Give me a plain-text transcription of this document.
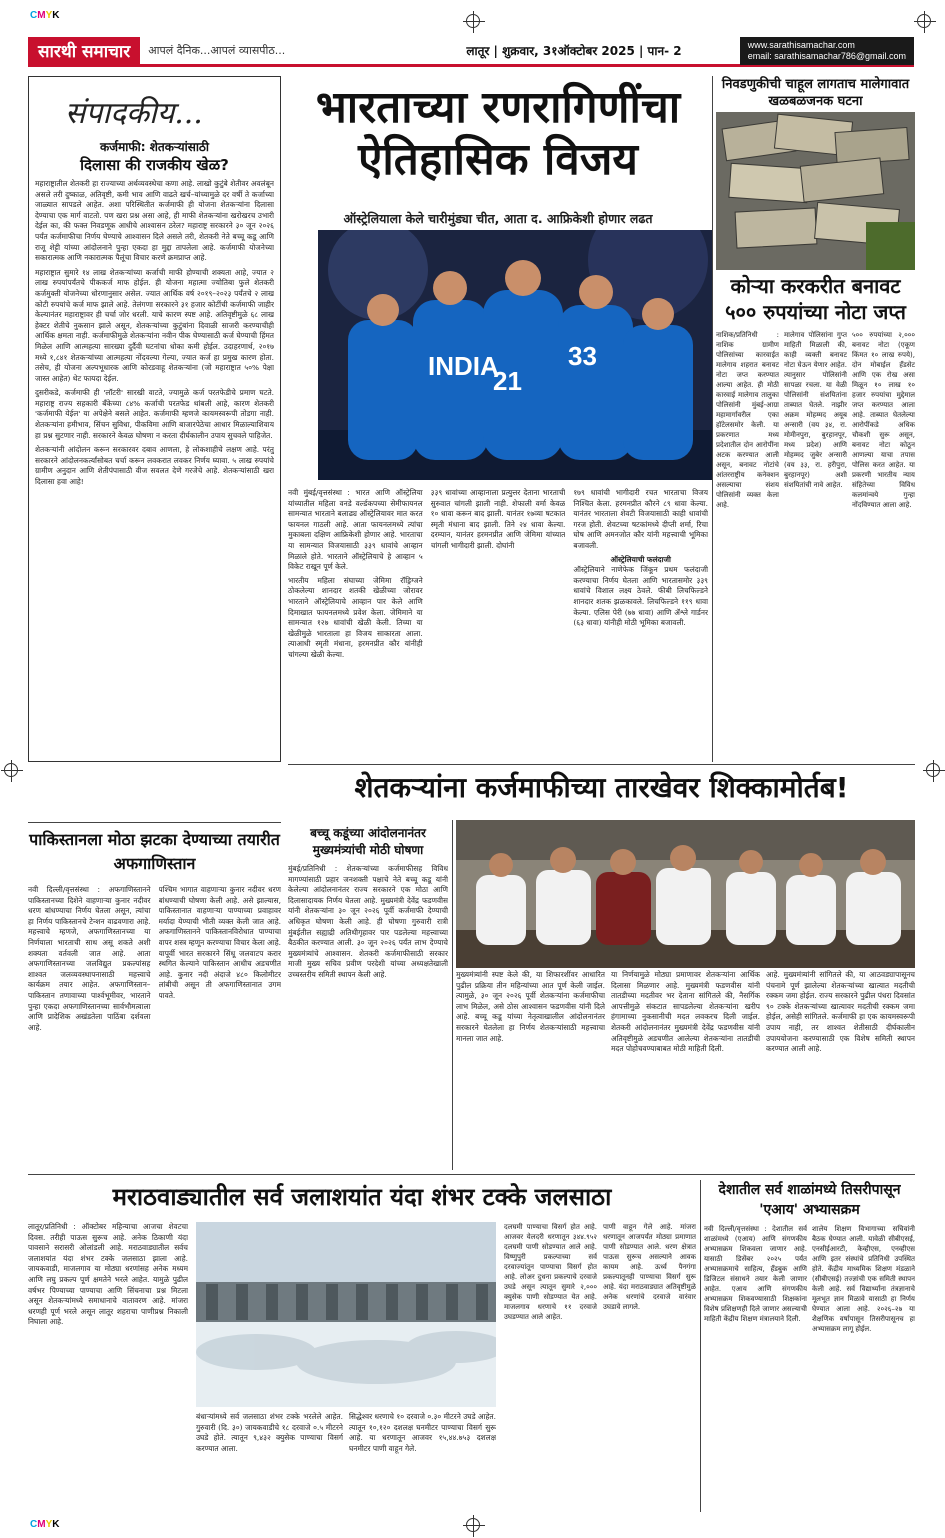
CMYK
CMYK
सारथी समाचार	आपलं दैनिक...आपलं व्यासपीठ...	लातूर | शुक्रवार, 3१ऑक्टोबर 2025 | पान- 2	www.sarathisamachar.com
email: sarathisamachar786@gmail.com
संपादकीय...
कर्जमाफी: शेतकऱ्यांसाठी
दिलासा की राजकीय खेळ?

महाराष्ट्रातील शेतकरी हा राज्याच्या अर्थव्यवस्थेचा कणा आहे. लाखो कुटुंबे शेतीवर अवलंबून असले तरी दुष्काळ, अतिवृष्टी, कमी भाव आणि वाढते खर्च–यांच्यामुळे दर वर्षी ते कर्जाच्या जाळ्यात सापडले आहेत. अशा परिस्थितीत कर्जमाफी ही योजना शेतकऱ्यांना दिलासा देण्याचा एक मार्ग वाटतो. पण खरा प्रश्न असा आहे, ही माफी शेतकऱ्यांना खरोखरच उभारी देईल का, की फक्त निवडणूक आधीचे आश्वासन ठरेल? महाराष्ट्र सरकारने ३० जून २०२६ पर्यंत कर्जमाफीचा निर्णय घेण्याचे आश्वासन दिले असले तरी, शेतकरी नेते बच्चू कडू आणि राजू शेट्टी यांच्या आंदोलनाने पुन्हा एकदा हा मुद्दा तापलेला आहे. कर्जमाफी योजनेच्या सकारात्मक आणि नकारात्मक पैलूंचा विचार करणे क्रमप्राप्त आहे.

महाराष्ट्रात सुमारे १४ लाख शेतकऱ्यांच्या कर्जाची माफी होण्याची शक्यता आहे, ज्यात २ लाख रुपयांपर्यंतचे पीककर्ज माफ होईल. ही योजना महात्मा ज्योतिबा फुले शेतकरी कर्जमुक्ती योजनेच्या धोरणानुसार असेल. ज्यात आर्थिक वर्ष २०१९–२०२३ पर्यंतचे २ लाख कोटी रुपयांचे कर्ज माफ झाले आहे. तेलंगणा सरकारने ३१ हजार कोटींची कर्जमाफी जाहीर केल्यानंतर महाराष्ट्रावर ही चर्चा जोर धरली. याचे कारण स्पष्ट आहे. अतिवृष्टीमुळे ६८ लाख हेक्टर शेतीचे नुकसान झाले असून, शेतकऱ्यांच्या कुटुंबांना दिवाळी साजरी करण्याचीही आर्थिक क्षमता नाही. कर्जमाफीमुळे शेतकऱ्यांना नवीन पीक घेण्यासाठी कर्ज घेण्याची हिंमत मिळेल आणि आत्महत्या सारख्या दुर्दैवी घटनांचा धोका कमी होईल. उदाहरणार्थ, २०१७ मध्ये १,८४१ शेतकऱ्यांच्या आत्महत्या नोंदवल्या गेल्या, ज्यात कर्ज हा प्रमुख कारण होता. तसेच, ही योजना अल्पभूधारक आणि कोरडवाहू शेतकऱ्यांना (जो महाराष्ट्रात ५०% पेक्षा जास्त आहेत) थेट फायदा देईल.

दुसरीकडे, कर्जमाफी ही 'लॉटरी' सारखी वाटते, ज्यामुळे कर्ज परतफेडीचे प्रमाण घटते. महाराष्ट्र राज्य सहकारी बँकेच्या ८४% कर्जाची परतफेड थांबली आहे, कारण शेतकरी 'कर्जमाफी येईल' या अपेक्षेने बसले आहेत. कर्जमाफी म्हणजे कायमस्वरूपी तोडगा नाही. शेतकऱ्यांना हमीभाव, सिंचन सुविधा, पीकविमा आणि बाजारपेठेचा आधार मिळाल्याशिवाय हा प्रश्न सुटणार नाही. सरकारने केवळ घोषणा न करता दीर्घकालीन उपाय सुचवले पाहिजेत.

शेतकऱ्यांनी आंदोलन करून सरकारवर दबाव आणला, हे लोकशाहीचे लक्षण आहे. परंतु सरकारने आंदोलनकर्त्यांसोबत चर्चा करून लवकरात लवकर निर्णय घ्यावा. ५ लाख रुपयांचे ग्रामीण अनुदान आणि शेतीपंपासाठी वीज सवलत देणे गरजेचे आहे. शेतकऱ्यांसाठी खरा दिलासा हवा आहे!

भारताच्या रणरागिणींचा ऐतिहासिक विजय
ऑस्ट्रेलियाला केले चारीमुंड्या चीत, आता द. आफ्रिकेशी होणार लढत
21
33
INDIA

नवी मुंबई/वृत्तसंस्था : भारत आणि ऑस्ट्रेलिया यांच्यातील महिला वनडे वर्ल्डकपच्या सेमीफायनल सामन्यात भारताने बलाढ्य ऑस्ट्रेलियावर मात करत फायनल गाठली आहे. आता फायनलमध्ये त्यांचा मुकाबला दक्षिण आफ्रिकेशी होणार आहे. भारताचा या सामन्यात विजयासाठी ३३९ धावांचे आव्हान मिळाले होते. भारताने ऑस्ट्रेलियाचे हे आव्हान ५ विकेट राखून पूर्ण केले.

भारतीय महिला संघाच्या जेमिमा रॉड्रिग्जने ठोकलेल्या शानदार शतकी खेळीच्या जोरावर भारताने ऑस्ट्रेलियाचे आव्हान पार केले आणि दिमाखात फायनलमध्ये प्रवेश केला. जेमिमाने या सामन्यात १२७ धावांची खेळी केली. तिच्या या खेळीमुळे भारताला हा विजय साकारता आला. त्याआधी स्मृती मंधाना, हरमनप्रीत कौर यांनीही चांगल्या खेळी केल्या.

३३९ धावांच्या आव्हानाला प्रत्युत्तर देताना भारताची सुरुवात चांगली झाली नाही. शेफाली वर्मा केवळ १० धावा करून बाद झाली. यानंतर १७व्या षटकात स्मृती मंधाना बाद झाली. तिने २४ धावा केल्या. दरम्यान, यानंतर हरमनप्रीत आणि जेमिमा यांच्यात चांगली भागीदारी झाली. दोघांनी

१७९ धावांची भागीदारी रचत भारताचा विजय निश्चित केला. हरमनप्रीत कौरने ८९ धावा केल्या. यानंतर भारताला शेवटी विजयासाठी काही धावांची गरज होती. शेवटच्या षटकांमध्ये दीप्ती शर्मा, रिचा घोष आणि अमनजोत कौर यांनी महत्त्वाची भूमिका बजावली.

ऑस्ट्रेलियाची फलंदाजी

ऑस्ट्रेलियाने नाणेफेक जिंकून प्रथम फलंदाजी करण्याचा निर्णय घेतला आणि भारतासमोर ३३९ धावांचे विशाल लक्ष्य ठेवले. फीबी लिचफिल्डने शानदार शतक झळकावले. लिचफिल्डने ११९ धावा केल्या. एलिस पेरी (७७ धावा) आणि ॲश्ले गार्डनर (६३ धावा) यांनीही मोठी भूमिका बजावली.

निवडणुकीची चाहूल लागताच मालेगावात खळबळजनक घटना
कोऱ्या करकरीत बनावट ५०० रुपयांच्या नोटा जप्त
नाशिक/प्रतिनिधी : नाशिक ग्रामीण पोलिसांच्या कारवाईत मालेगाव शहरात बनावट नोटा जप्त करण्यात आल्या आहेत. ही मोठी कारवाई मालेगाव तालुका पोलिसांनी मुंबई-आग्रा महामार्गावरील एका हॉटेलसमोर केली. या प्रकरणात मध्य प्रदेशातील दोन आरोपींना अटक करण्यात आली असून, बनावट नोटांचे आंतरराष्ट्रीय कनेक्शन असल्याचा संशय पोलिसांनी व्यक्त केला आहे.
मालेगाव पोलिसांना गुप्त माहिती मिळाली की, काही व्यक्ती बनावट नोटा घेऊन येणार आहेत. त्यानुसार पोलिसांनी सापळा रचला. या वेळी पोलिसांनी संशयितांना ताब्यात घेतले. नाझीर अक्रम मोहम्मद अयूब अन्सारी (वय ३४, रा. मोमीनपुरा, बुरहानपूर, मध्य प्रदेश) आणि मोहम्मद जुबेर अन्सारी (वय ३३, रा. हरीपुरा, बुरहानपूर) अशी संशयितांची नावे आहेत.
५०० रुपयांच्या २,००० बनावट नोटा (एकूण किंमत १० लाख रुपये), दोन मोबाईल हँडसेट आणि एक रोख असा मिळून १० लाख १० हजार रुपयांचा मुद्देमाल जप्त करण्यात आला आहे. ताब्यात घेतलेल्या आरोपींकडे अधिक चौकशी सुरू असून, बनावट नोटा कोठून आणल्या याचा तपास पोलिस करत आहेत. या प्रकरणी भारतीय न्याय संहितेच्या विविध कलमांन्वये गुन्हा नोंदविण्यात आला आहे.
शेतकऱ्यांना कर्जमाफीच्या तारखेवर शिक्कामोर्तब!
बच्चू कडूंच्या आंदोलनानंतर मुख्यमंत्र्यांची मोठी घोषणा
मुंबई/प्रतिनिधी : शेतकऱ्यांच्या कर्जमाफीसह विविध मागण्यांसाठी प्रहार जनशक्ती पक्षाचे नेते बच्चू कडू यांनी केलेल्या आंदोलनानंतर राज्य सरकारने एक मोठा आणि दिलासादायक निर्णय घेतला आहे. मुख्यमंत्री देवेंद्र फडणवीस यांनी शेतकऱ्यांना ३० जून २०२६ पूर्वी कर्जमाफी देण्याची अधिकृत घोषणा केली आहे. ही घोषणा गुरुवारी रात्री मुंबईतील सह्याद्री अतिथीगृहावर पार पडलेल्या महत्त्वाच्या बैठकीत करण्यात आली. ३० जून २०२६ पर्यंत लाभ देण्याचे मुख्यमंत्र्यांचे आश्वासन. शेतकरी कर्जमाफीसाठी सरकार माजी मुख्य सचिव प्रवीण परदेशी यांच्या अध्यक्षतेखाली उच्चस्तरीय समिती स्थापन केली आहे.	मुख्यमंत्र्यांनी स्पष्ट केले की, या शिफारशींवर आधारित पुढील प्रक्रिया तीन महिन्यांच्या आत पूर्ण केली जाईल. त्यामुळे, ३० जून २०२६ पूर्वी शेतकऱ्यांना कर्जमाफीचा लाभ मिळेल, असे ठोस आश्वासन फडणवीस यांनी दिले आहे. बच्चू कडू यांच्या नेतृत्वाखालील आंदोलनानंतर सरकारने घेतलेला हा निर्णय शेतकऱ्यांसाठी महत्त्वाचा मानला जात आहे.
या निर्णयामुळे मोठ्या प्रमाणावर शेतकऱ्यांना आर्थिक दिलासा मिळणार आहे. मुख्यमंत्री फडणवीस यांनी तातडीच्या मदतीवर भर देताना सांगितले की, नैसर्गिक आपत्तीमुळे संकटात सापडलेल्या शेतकऱ्यांना खरीप हंगामाच्या नुकसानीची मदत लवकरच दिली जाईल. शेतकरी आंदोलनानंतर मुख्यमंत्री देवेंद्र फडणवीस यांनी अतिवृष्टीमुळे अडचणीत आलेल्या शेतकऱ्यांना तातडीची मदत पोहोचवण्याबाबत मोठी माहिती दिली.
आहे. मुख्यमंत्र्यांनी सांगितले की, या आठवड्यापासूनच पंचनामे पूर्ण झालेल्या शेतकऱ्यांच्या खात्यात मदतीची रक्कम जमा होईल. राज्य सरकारने पुढील पंधरा दिवसांत ९० टक्के शेतकऱ्यांच्या खात्यावर मदतीची रक्कम जमा होईल, असेही सांगितले. कर्जमाफी हा एक कायमस्वरूपी उपाय नाही, तर शाश्वत शेतीसाठी दीर्घकालीन उपाययोजना करण्यासाठी एक विशेष समिती स्थापन करण्यात आली आहे.
पाकिस्तानला मोठा झटका देण्याच्या तयारीत अफगाणिस्तान
नवी दिल्ली/वृत्तसंस्था : अफगाणिस्तानने पाकिस्तानच्या दिशेने वाहणाऱ्या कुनार नदीवर धरण बांधण्याचा निर्णय घेतला असून, त्यांचा हा निर्णय पाकिस्तानचे टेन्शन वाढवणारा आहे. महत्त्वाचे म्हणजे, अफगाणिस्तानच्या या निर्णयाला भारताची साथ असू शकते अशी शक्यता वर्तवली जात आहे. आता अफगाणिस्तानच्या जलविद्युत प्रकल्पांसह शाश्वत जलव्यवस्थापनासाठी महत्त्वाचे कार्यक्रम तयार आहेत. अफगाणिस्तान–पाकिस्तान तणावाच्या पार्श्वभूमीवर, भारताने पुन्हा एकदा अफगाणिस्तानच्या सार्वभौमत्वाला आणि प्रादेशिक अखंडतेला पाठिंबा दर्शवला आहे.
पश्चिम भागात वाहणाऱ्या कुनार नदीवर धरण बांधण्याची घोषणा केली आहे. असे झाल्यास, पाकिस्तानात वाहणाऱ्या पाण्याच्या प्रवाहावर मर्यादा येण्याची भीती व्यक्त केली जात आहे. अफगाणिस्तानने पाकिस्तानविरोधात पाण्याचा वापर शस्त्र म्हणून करण्याचा विचार केला आहे. यापूर्वी भारत सरकारने सिंधू जलवाटप करार स्थगित केल्याने पाकिस्तान आधीच अडचणीत आहे. कुनार नदी अंदाजे ४८० किलोमीटर लांबीची असून ती अफगाणिस्तानात उगम पावते.
मराठवाड्यातील सर्व जलाशयांत यंदा शंभर टक्के जलसाठा
लातूर/प्रतिनिधी : ऑक्टोबर महिन्याचा आजचा शेवटचा दिवस. तरीही पाऊस सुरूच आहे. अनेक ठिकाणी यंदा पावसाने सरासरी ओलांडली आहे. मराठवाड्यातील सर्वच जलाशयांत यंदा शंभर टक्के जलसाठा झाला आहे. जायकवाडी, माजलगाव या मोठ्या धरणांसह अनेक मध्यम आणि लघु प्रकल्प पूर्ण क्षमतेने भरले आहेत. यामुळे पुढील वर्षभर पिण्याच्या पाण्याचा आणि सिंचनाचा प्रश्न मिटला असून शेतकऱ्यांमध्ये समाधानाचे वातावरण आहे. मांजरा धरणही पूर्ण भरले असून लातूर शहराचा पाणीप्रश्न निकाली निघाला आहे.
बंधाऱ्यांमध्ये सर्व जलसाठा शंभर टक्के भरलेले आहेत. गुरुवारी (दि. ३०) जायकवाडीचे १८ दरवाजे ०.५ मीटरने उघडे होते. त्यातून ९,४३२ क्युसेक पाण्याचा विसर्ग करण्यात आला.
सिद्धेश्वर धरणाचे १० दरवाजे ०.३० मीटरने उघडे आहेत. त्यातून १०,१२० दशलक्ष घनमीटर पाण्याचा विसर्ग सुरू आहे. या धरणातून आजवर १५,४४.७५३ दशलक्ष घनमीटर पाणी वाहून गेले.
दलघमी पाण्याचा विसर्ग होत आहे. आजवर येलदरी धरणातून ३४४.९५२ दलघमी पाणी सोडण्यात आले आहे. विष्णुपुरी प्रकल्पाच्या सर्व दरवाज्यांतून पाण्याचा विसर्ग होत आहे. लोअर दुधना प्रकल्पाचे दरवाजे उघडे असून त्यातून सुमारे २,००० क्युसेक पाणी सोडण्यात येत आहे. माजलगाव धरणाचे ११ दरवाजे उघडण्यात आले आहेत.
पाणी वाहून गेले आहे. मांजरा धरणातून आजपर्यंत मोठ्या प्रमाणात पाणी सोडण्यात आले. धरण क्षेत्रात पाऊस सुरूच असल्याने आवक कायम आहे. ऊर्ध्व पैनगंगा प्रकल्पातूनही पाण्याचा विसर्ग सुरू आहे. यंदा मराठवाड्यात अतिवृष्टीमुळे अनेक धरणांचे दरवाजे वारंवार उघडावे लागले.
देशातील सर्व शाळांमध्ये तिसरीपासून 'एआय' अभ्यासक्रम
नवी दिल्ली/वृत्तसंस्था : देशातील सर्व शाळांमध्ये (एआय) आणि संगणकीय अभ्यासक्रम शिकवला जाणार आहे. यासाठी डिसेंबर २०२५ पर्यंत अभ्यासक्रमाचे साहित्य, हँडबुक आणि डिजिटल संसाधने तयार केली जाणार आहेत. एआय आणि संगणकीय अभ्यासक्रम शिकवण्यासाठी शिक्षकांना विशेष प्रशिक्षणही दिले जाणार असल्याची माहिती केंद्रीय शिक्षण मंत्रालयाने दिली.
शालेय शिक्षण विभागाच्या सचिवांनी बैठक घेण्यात आली. यावेळी सीबीएसई, एनसीईआरटी, केव्हीएस, एनव्हीएस आणि इतर संस्थांचे प्रतिनिधी उपस्थित होते. केंद्रीय माध्यमिक शिक्षण मंडळाने (सीबीएसई) तज्ज्ञांची एक समिती स्थापन केली आहे. सर्व विद्यार्थ्यांना तंत्रज्ञानाचे मूलभूत ज्ञान मिळावे यासाठी हा निर्णय घेण्यात आला आहे. २०२६–२७ या शैक्षणिक वर्षापासून तिसरीपासूनच हा अभ्यासक्रम लागू होईल.
